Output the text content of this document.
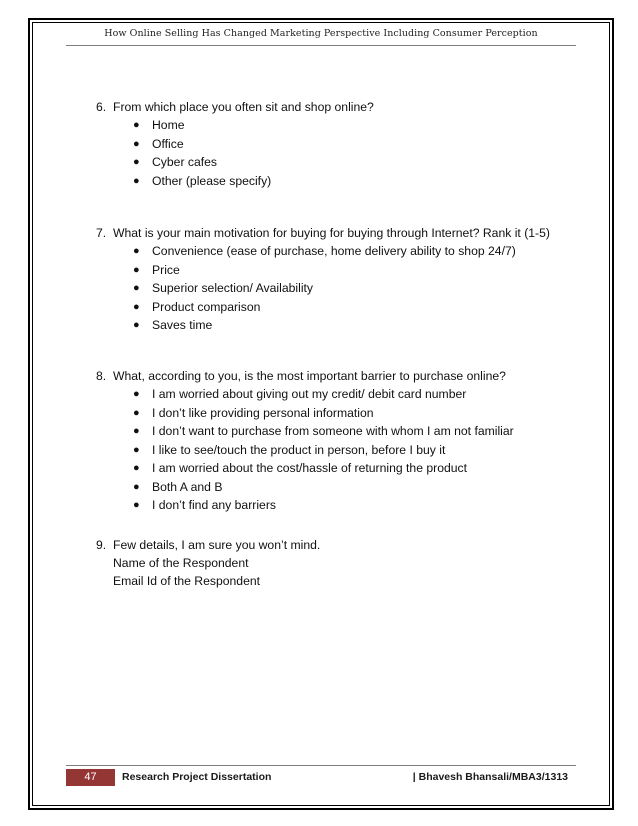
How Online Selling Has Changed Marketing Perspective Including Consumer Perception
6. From which place you often sit and shop online?
● Home
● Office
● Cyber cafes
● Other (please specify)
7. What is your main motivation for buying for buying through Internet? Rank it (1-5)
● Convenience (ease of purchase, home delivery ability to shop 24/7)
● Price
● Superior selection/ Availability
● Product comparison
● Saves time
8. What, according to you, is the most important barrier to purchase online?
● I am worried about giving out my credit/ debit card number
● I don’t like providing personal information
● I don’t want to purchase from someone with whom I am not familiar
● I like to see/touch the product in person, before I buy it
● I am worried about the cost/hassle of returning the product
● Both A and B
● I don’t find any barriers
9. Few details, I am sure you won’t mind.
Name of the Respondent
Email Id of the Respondent
47	Research Project Dissertation	| Bhavesh Bhansali/MBA3/1313
